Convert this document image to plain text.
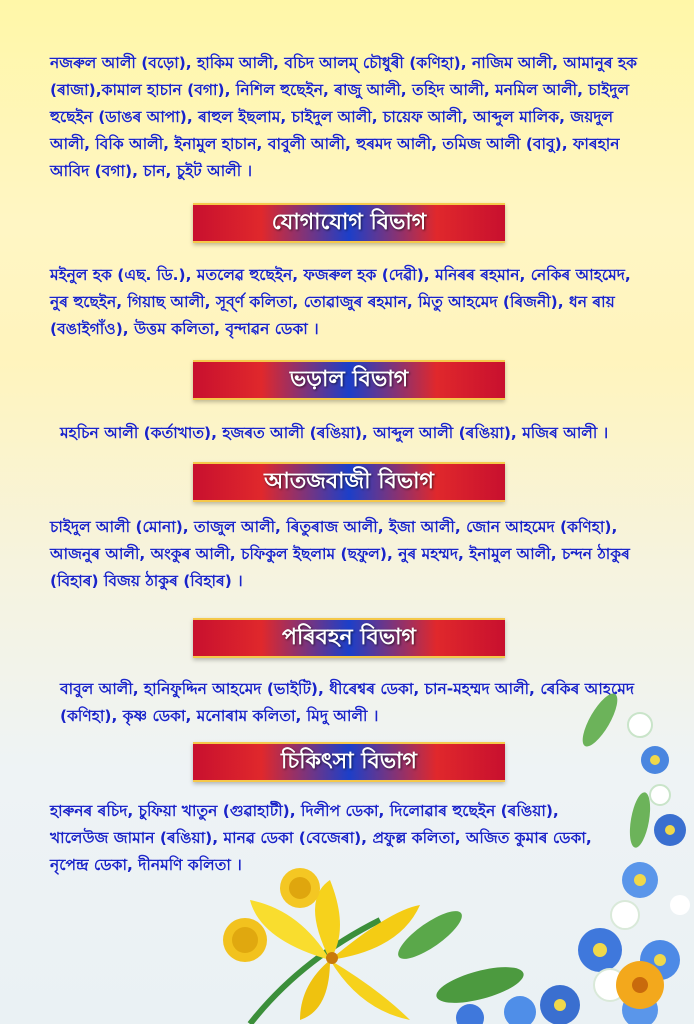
নজৰুল আলী (বড়ো), হাকিম আলী, বচিদ আলম্ চৌধুৰী (কণিহা), নাজিম আলী, আমানুৰ হক (ৰাজা),কামাল হাচান (বগা), নিশিল হুছেইন, ৰাজু আলী, তহিদ আলী, মনমিল আলী, চাইদুল হুছেইন (ডাঙৰ আপা), ৰাহুল ইছলাম, চাইদুল আলী, চায়েফ আলী, আব্দুল মালিক, জয়দুল আলী, বিকি আলী, ইনামুল হাচান, বাবুলী আলী, হুৰমদ আলী, তমিজ আলী (বাবু), ফাৰহান আবিদ (বগা), চান, চুইট আলী ।
যোগাযোগ বিভাগ
মইনুল হক (এছ. ডি.), মতলেৱ হুছেইন, ফজৰুল হক (দেৱী), মনিৰৰ ৰহমান, নেকিৰ আহমেদ, নুৰ হুছেইন, গিয়াছ আলী, সূৰ্ব্ণ কলিতা, তোৱাজুৰ ৰহমান, মিতু আহমেদ (ৰিজনী), ধন ৰায় (বঙাইগাঁও), উত্তম কলিতা, বৃন্দাৱন ডেকা ।
ভড়াল বিভাগ
মহচিন আলী (কৰ্তাখাত), হজৰত আলী (ৰঙিয়া), আব্দুল আলী (ৰঙিয়া), মজিৰ আলী ।
আতজবাজী বিভাগ
চাইদুল আলী (মোনা), তাজুল আলী, ৰিতুৰাজ আলী, ইজা আলী, জোন আহমেদ (কণিহা), আজনুৰ আলী, অংকুৰ আলী, চফিকুল ইছলাম (ছফুল), নুৰ মহম্মদ, ইনামুল আলী, চন্দন ঠাকুৰ (বিহাৰ) বিজয় ঠাকুৰ (বিহাৰ) ।
পৰিবহন বিভাগ
বাবুল আলী, হানিফুদ্দিন আহমেদ (ভাইটি), ধীৰেশ্বৰ ডেকা, চান-মহম্মদ আলী, ৰেকিৰ আহমেদ (কণিহা), কৃষ্ণ ডেকা, মনোৰাম কলিতা, মিদু আলী ।
চিকিৎসা বিভাগ
হাৰুনৰ ৰচিদ, চুফিয়া খাতুন (গুৱাহাটী), দিলীপ ডেকা, দিলোৱাৰ হুছেইন (ৰঙিয়া), খালেউজ জামান (ৰঙিয়া), মানৱ ডেকা (বেজেৰা), প্ৰফুল্ল কলিতা, অজিত কুমাৰ ডেকা, নৃপেন্দ্ৰ ডেকা, দীনমণি কলিতা ।
